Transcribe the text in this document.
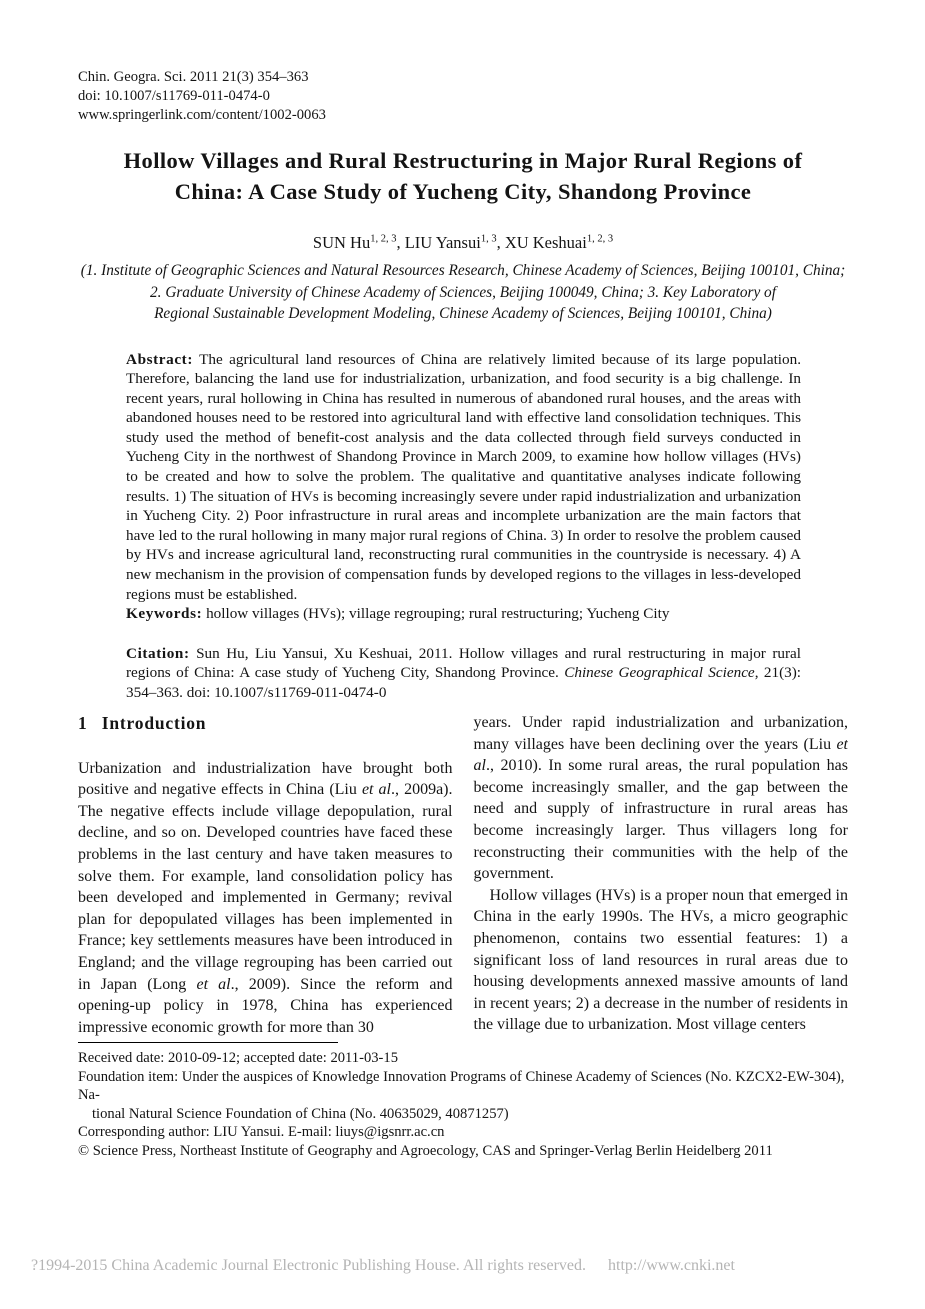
Chin. Geogra. Sci. 2011 21(3) 354–363
doi: 10.1007/s11769-011-0474-0
www.springerlink.com/content/1002-0063
Hollow Villages and Rural Restructuring in Major Rural Regions of
China: A Case Study of Yucheng City, Shandong Province
SUN Hu$^{1, 2, 3}$, LIU Yansui$^{1, 3}$, XU Keshuai$^{1, 2, 3}$
(1. Institute of Geographic Sciences and Natural Resources Research, Chinese Academy of Sciences, Beijing 100101, China;
2. Graduate University of Chinese Academy of Sciences, Beijing 100049, China; 3. Key Laboratory of
Regional Sustainable Development Modeling, Chinese Academy of Sciences, Beijing 100101, China)

Abstract: The agricultural land resources of China are relatively limited because of its large population. Therefore, balancing the land use for industrialization, urbanization, and food security is a big challenge. In recent years, rural hollowing in China has resulted in numerous of abandoned rural houses, and the areas with abandoned houses need to be restored into agricultural land with effective land consolidation techniques. This study used the method of benefit-cost analysis and the data collected through field surveys conducted in Yucheng City in the northwest of Shandong Province in March 2009, to examine how hollow villages (HVs) to be created and how to solve the problem. The qualitative and quantitative analyses indicate following results. 1) The situation of HVs is becoming increasingly severe under rapid industrialization and urbanization in Yucheng City. 2) Poor infrastructure in rural areas and incomplete urbanization are the main factors that have led to the rural hollowing in many major rural regions of China. 3) In order to resolve the problem caused by HVs and increase agricultural land, reconstructing rural communities in the countryside is necessary. 4) A new mechanism in the provision of compensation funds by developed regions to the villages in less-developed regions must be established.

Keywords: hollow villages (HVs); village regrouping; rural restructuring; Yucheng City

Citation: Sun Hu, Liu Yansui, Xu Keshuai, 2011. Hollow villages and rural restructuring in major rural regions of China: A case study of Yucheng City, Shandong Province. Chinese Geographical Science, 21(3): 354–363. doi: 10.1007/s11769-011-0474-0

1 Introduction

Urbanization and industrialization have brought both positive and negative effects in China (Liu et al., 2009a). The negative effects include village depopulation, rural decline, and so on. Developed countries have faced these problems in the last century and have taken measures to solve them. For example, land consolidation policy has been developed and implemented in Germany; revival plan for depopulated villages has been implemented in France; key settlements measures have been introduced in England; and the village regrouping has been carried out in Japan (Long et al., 2009). Since the reform and opening-up policy in 1978, China has experienced impressive economic growth for more than 30

years. Under rapid industrialization and urbanization, many villages have been declining over the years (Liu et al., 2010). In some rural areas, the rural population has become increasingly smaller, and the gap between the need and supply of infrastructure in rural areas has become increasingly larger. Thus villagers long for reconstructing their communities with the help of the government.

Hollow villages (HVs) is a proper noun that emerged in China in the early 1990s. The HVs, a micro geographic phenomenon, contains two essential features: 1) a significant loss of land resources in rural areas due to housing developments annexed massive amounts of land in recent years; 2) a decrease in the number of residents in the village due to urbanization. Most village centers

Received date: 2010-09-12; accepted date: 2011-03-15

Foundation item: Under the auspices of Knowledge Innovation Programs of Chinese Academy of Sciences (No. KZCX2-EW-304), Na-

tional Natural Science Foundation of China (No. 40635029, 40871257)

Corresponding author: LIU Yansui. E-mail: liuys@igsnrr.ac.cn

© Science Press, Northeast Institute of Geography and Agroecology, CAS and Springer-Verlag Berlin Heidelberg 2011

?1994-2015 China Academic Journal Electronic Publishing House. All rights reserved. http://www.cnki.net
